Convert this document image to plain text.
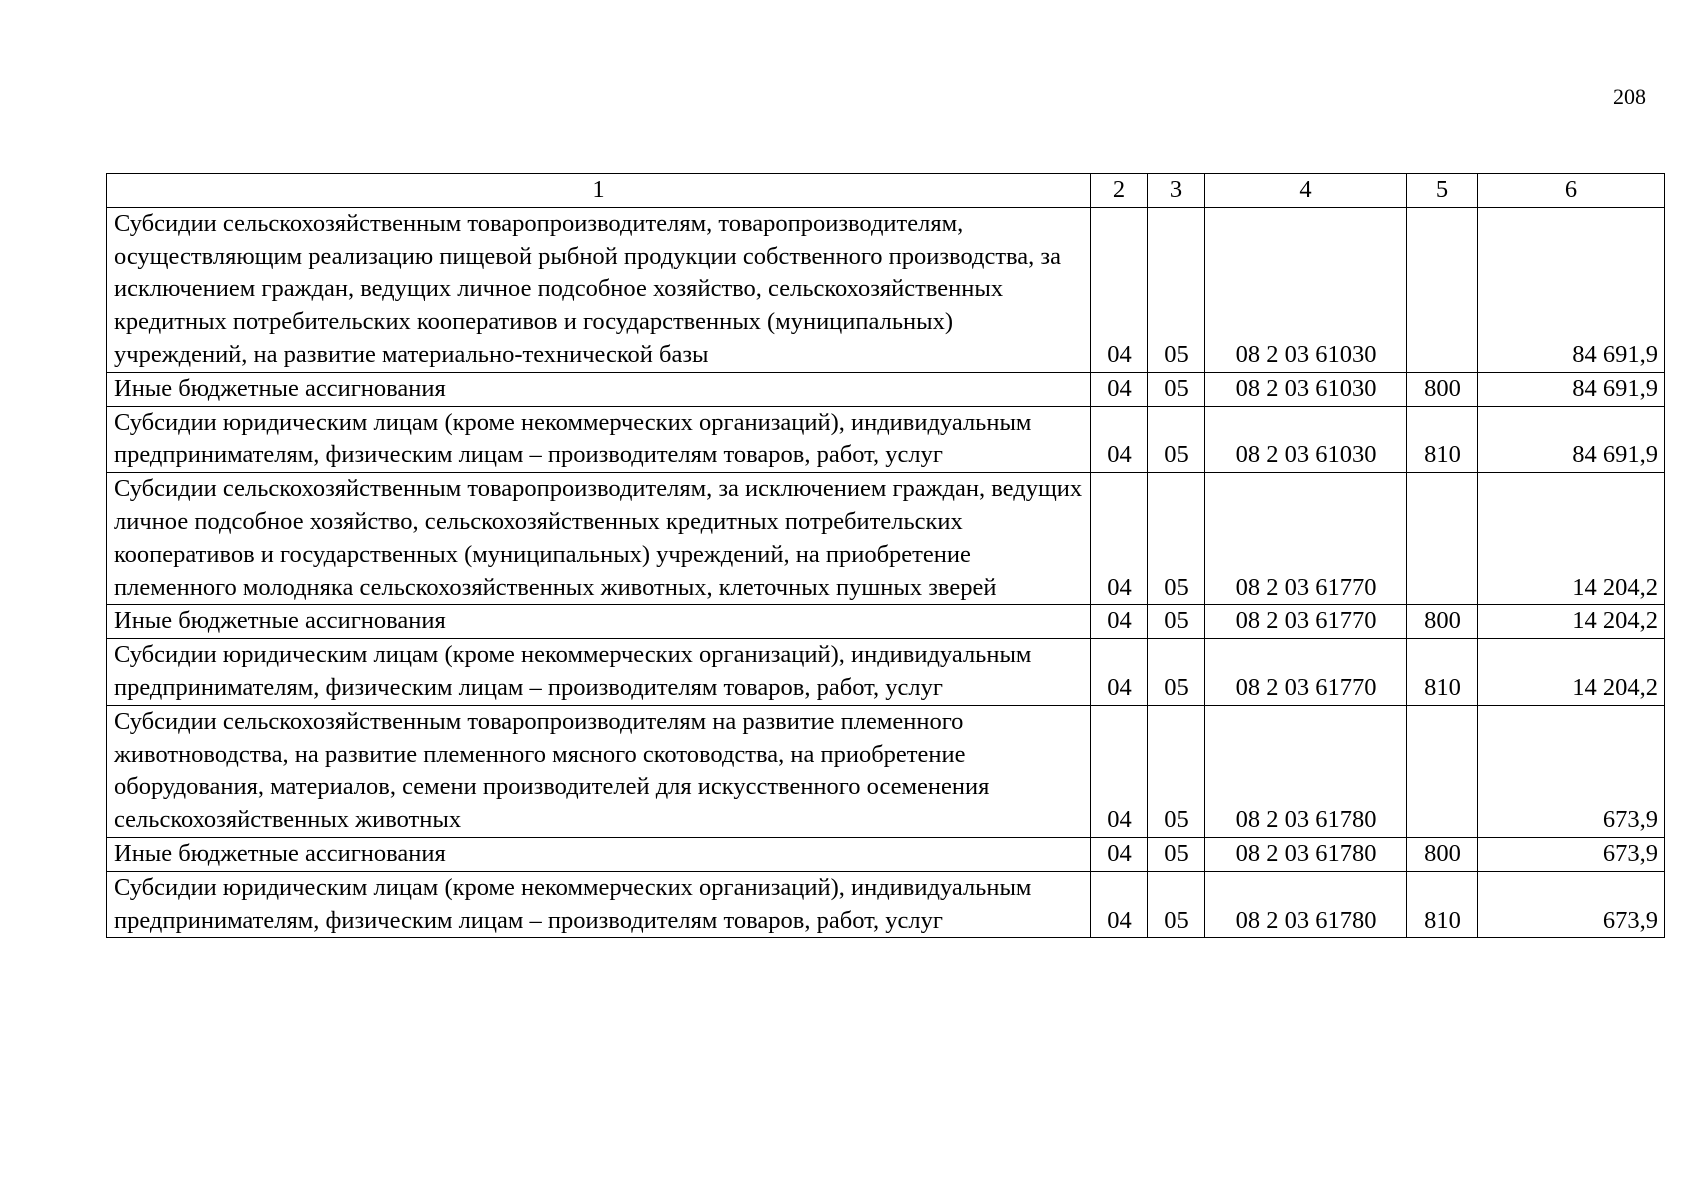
208
1	2	3	4	5	6
Субсидии сельскохозяйственным товаропроизводителям, товаропроизводителям, осуществляющим реализацию пищевой рыбной продукции собственного производства, за исключением граждан, ведущих личное подсобное хозяйство, сельскохозяйственных кредитных потребительских кооперативов и государственных (муниципальных) учреждений, на развитие материально-технической базы	04	05	08 2 03 61030		84 691,9
Иные бюджетные ассигнования	04	05	08 2 03 61030	800	84 691,9
Субсидии юридическим лицам (кроме некоммерческих организаций), индивидуальным предпринимателям, физическим лицам – производителям товаров, работ, услуг	04	05	08 2 03 61030	810	84 691,9
Субсидии сельскохозяйственным товаропроизводителям, за исключением граждан, ведущих личное подсобное хозяйство, сельскохозяйственных кредитных потребительских кооперативов и государственных (муниципальных) учреждений, на приобретение племенного молодняка сельскохозяйственных животных, клеточных пушных зверей	04	05	08 2 03 61770		14 204,2
Иные бюджетные ассигнования	04	05	08 2 03 61770	800	14 204,2
Субсидии юридическим лицам (кроме некоммерческих организаций), индивидуальным предпринимателям, физическим лицам – производителям товаров, работ, услуг	04	05	08 2 03 61770	810	14 204,2
Субсидии сельскохозяйственным товаропроизводителям на развитие племенного животноводства, на развитие племенного мясного скотоводства, на приобретение оборудования, материалов, семени производителей для искусственного осеменения сельскохозяйственных животных	04	05	08 2 03 61780		673,9
Иные бюджетные ассигнования	04	05	08 2 03 61780	800	673,9
Субсидии юридическим лицам (кроме некоммерческих организаций), индивидуальным предпринимателям, физическим лицам – производителям товаров, работ, услуг	04	05	08 2 03 61780	810	673,9
